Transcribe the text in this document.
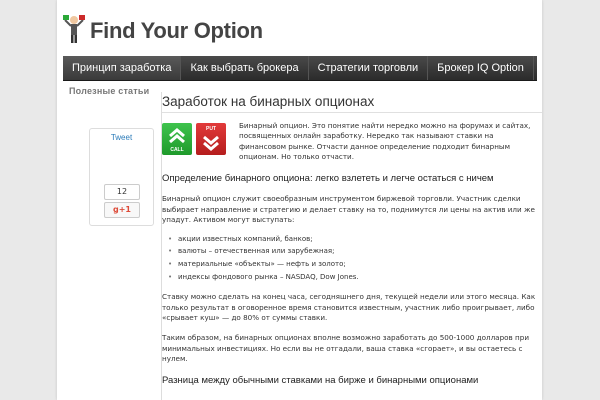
Find Your Option
Принцип заработка	Как выбрать брокера	Стратегии торговли	Брокер IQ Option
Полезные статьи
Tweet
12
g+1
Заработок на бинарных опционах
CALL
PUT	Бинарный опцион. Это понятие найти нередко можно на форумах и сайтах, посвященных онлайн заработку. Нередко так называют ставки на финансовом рынке. Отчасти данное определение подходит бинарным опционам. Но только отчасти.
Определение бинарного опциона: легко взлететь и легче остаться с ничем

Бинарный опцион служит своеобразным инструментом биржевой торговли. Участник сделки выбирает направление и стратегию и делает ставку на то, поднимутся ли цены на актив или же упадут. Активом могут выступать:

• акции известных компаний, банков;
• валюты – отечественная или зарубежная;
• материальные «объекты» — нефть и золото;
• индексы фондового рынка – NASDAQ, Dow Jones.

Ставку можно сделать на конец часа, сегодняшнего дня, текущей недели или этого месяца. Как только результат в оговоренное время становится известным, участник либо проигрывает, либо «срывает куш» — до 80% от суммы ставки.

Таким образом, на бинарных опционах вполне возможно заработать до 500-1000 долларов при минимальных инвестициях. Но если вы не отгадали, ваша ставка «сгорает», и вы остаетесь с нулем.

Разница между обычными ставками на бирже и бинарными опционами
